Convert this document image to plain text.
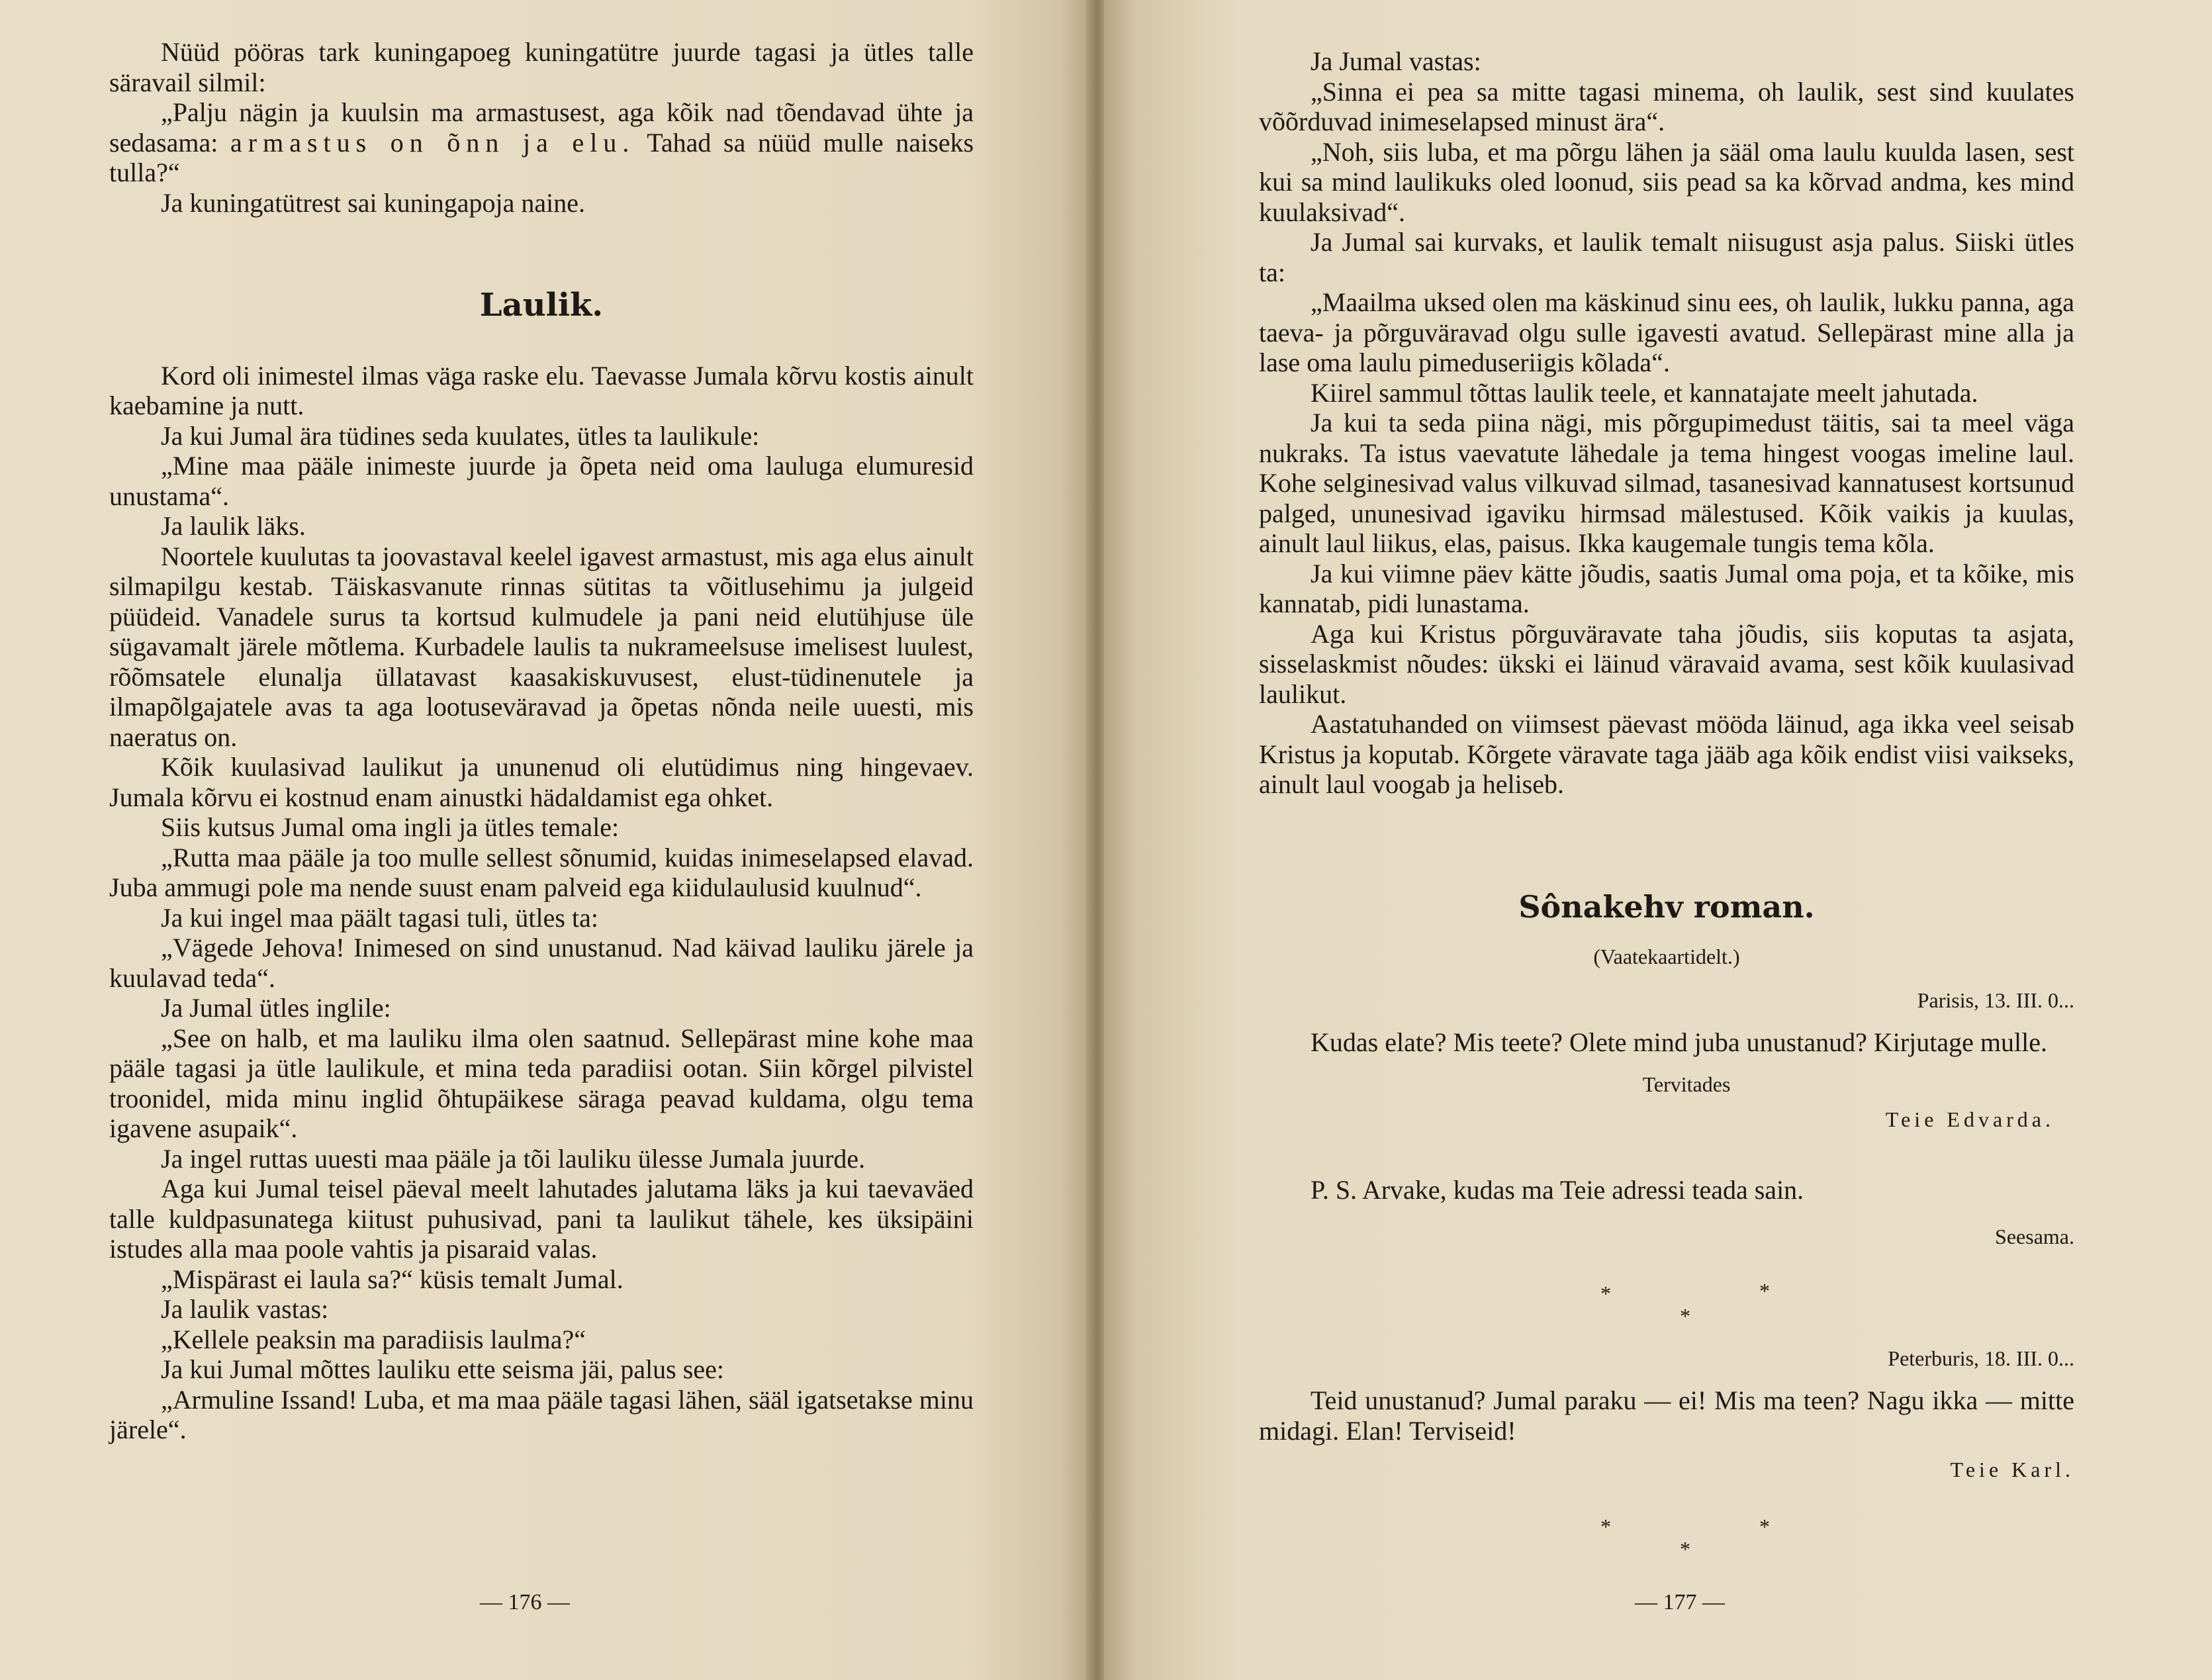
Nüüd pööras tark kuningapoeg kuningatütre juurde tagasi ja ütles talle säravail silmil:

„Palju nägin ja kuulsin ma armastusest, aga kõik nad tõendavad ühte ja sedasama: armastus on õnn ja elu. Tahad sa nüüd mulle naiseks tulla?“

Ja kuningatütrest sai kuningapoja naine.

Laulik.

Kord oli inimestel ilmas väga raske elu. Taevasse Jumala kõrvu kostis ainult kaebamine ja nutt.

Ja kui Jumal ära tüdines seda kuulates, ütles ta laulikule:

„Mine maa pääle inimeste juurde ja õpeta neid oma lauluga elumuresid unustama“.

Ja laulik läks.

Noortele kuulutas ta joovastaval keelel igavest armastust, mis aga elus ainult silmapilgu kestab. Täiskasvanute rinnas sütitas ta võitlusehimu ja julgeid püüdeid. Vanadele surus ta kortsud kulmudele ja pani neid elutühjuse üle sügavamalt järele mõtlema. Kurbadele laulis ta nukrameelsuse imelisest luulest, rõõmsatele elunalja üllatavast kaasakiskuvusest, elust-tüdinenutele ja ilmapõlgajatele avas ta aga lootuseväravad ja õpetas nõnda neile uuesti, mis naeratus on.

Kõik kuulasivad laulikut ja ununenud oli elutüdimus ning hingevaev. Jumala kõrvu ei kostnud enam ainustki hädaldamist ega ohket.

Siis kutsus Jumal oma ingli ja ütles temale:

„Rutta maa pääle ja too mulle sellest sõnumid, kuidas inimeselapsed elavad. Juba ammugi pole ma nende suust enam palveid ega kiidulaulusid kuulnud“.

Ja kui ingel maa päält tagasi tuli, ütles ta:

„Vägede Jehova! Inimesed on sind unustanud. Nad käivad lauliku järele ja kuulavad teda“.

Ja Jumal ütles inglile:

„See on halb, et ma lauliku ilma olen saatnud. Sellepärast mine kohe maa pääle tagasi ja ütle laulikule, et mina teda paradiisi ootan. Siin kõrgel pilvistel troonidel, mida minu inglid õhtupäikese säraga peavad kuldama, olgu tema igavene asupaik“.

Ja ingel ruttas uuesti maa pääle ja tõi lauliku ülesse Jumala juurde.

Aga kui Jumal teisel päeval meelt lahutades jalutama läks ja kui taevaväed talle kuldpasunatega kiitust puhusivad, pani ta laulikut tähele, kes üksipäini istudes alla maa poole vahtis ja pisaraid valas.

„Mispärast ei laula sa?“ küsis temalt Jumal.

Ja laulik vastas:

„Kellele peaksin ma paradiisis laulma?“

Ja kui Jumal mõttes lauliku ette seisma jäi, palus see:

„Armuline Issand! Luba, et ma maa pääle tagasi lähen, sääl igatsetakse minu järele“.

— 176 —	— 177 —

Ja Jumal vastas:

„Sinna ei pea sa mitte tagasi minema, oh laulik, sest sind kuulates võõrduvad inimeselapsed minust ära“.

„Noh, siis luba, et ma põrgu lähen ja sääl oma laulu kuulda lasen, sest kui sa mind laulikuks oled loonud, siis pead sa ka kõrvad andma, kes mind kuulaksivad“.

Ja Jumal sai kurvaks, et laulik temalt niisugust asja palus. Siiski ütles ta:

„Maailma uksed olen ma käskinud sinu ees, oh laulik, lukku panna, aga taeva- ja põrguväravad olgu sulle igavesti avatud. Sellepärast mine alla ja lase oma laulu pimeduseriigis kõlada“.

Kiirel sammul tõttas laulik teele, et kannatajate meelt jahutada.

Ja kui ta seda piina nägi, mis põrgupimedust täitis, sai ta meel väga nukraks. Ta istus vaevatute lähedale ja tema hingest voogas imeline laul. Kohe selginesivad valus vilkuvad silmad, tasanesivad kannatusest kortsunud palged, ununesivad igaviku hirmsad mälestused. Kõik vaikis ja kuulas, ainult laul liikus, elas, paisus. Ikka kaugemale tungis tema kõla.

Ja kui viimne päev kätte jõudis, saatis Jumal oma poja, et ta kõike, mis kannatab, pidi lunastama.

Aga kui Kristus põrguväravate taha jõudis, siis koputas ta asjata, sisselaskmist nõudes: ükski ei läinud väravaid avama, sest kõik kuulasivad laulikut.

Aastatuhanded on viimsest päevast mööda läinud, aga ikka veel seisab Kristus ja koputab. Kõrgete väravate taga jääb aga kõik endist viisi vaikseks, ainult laul voogab ja heliseb.

Sônakehv roman.
(Vaatekaartidelt.)
Parisis, 13. III. 0...

Kudas elate? Mis teete? Olete mind juba unustanud? Kirjutage mulle.

Tervitades
Teie Edvarda.

P. S. Arvake, kudas ma Teie adressi teada sain.

Seesama.
*	*
*
Peterburis, 18. III. 0...

Teid unustanud? Jumal paraku — ei! Mis ma teen? Nagu ikka — mitte midagi. Elan! Terviseid!

Teie Karl.
*	*
*
